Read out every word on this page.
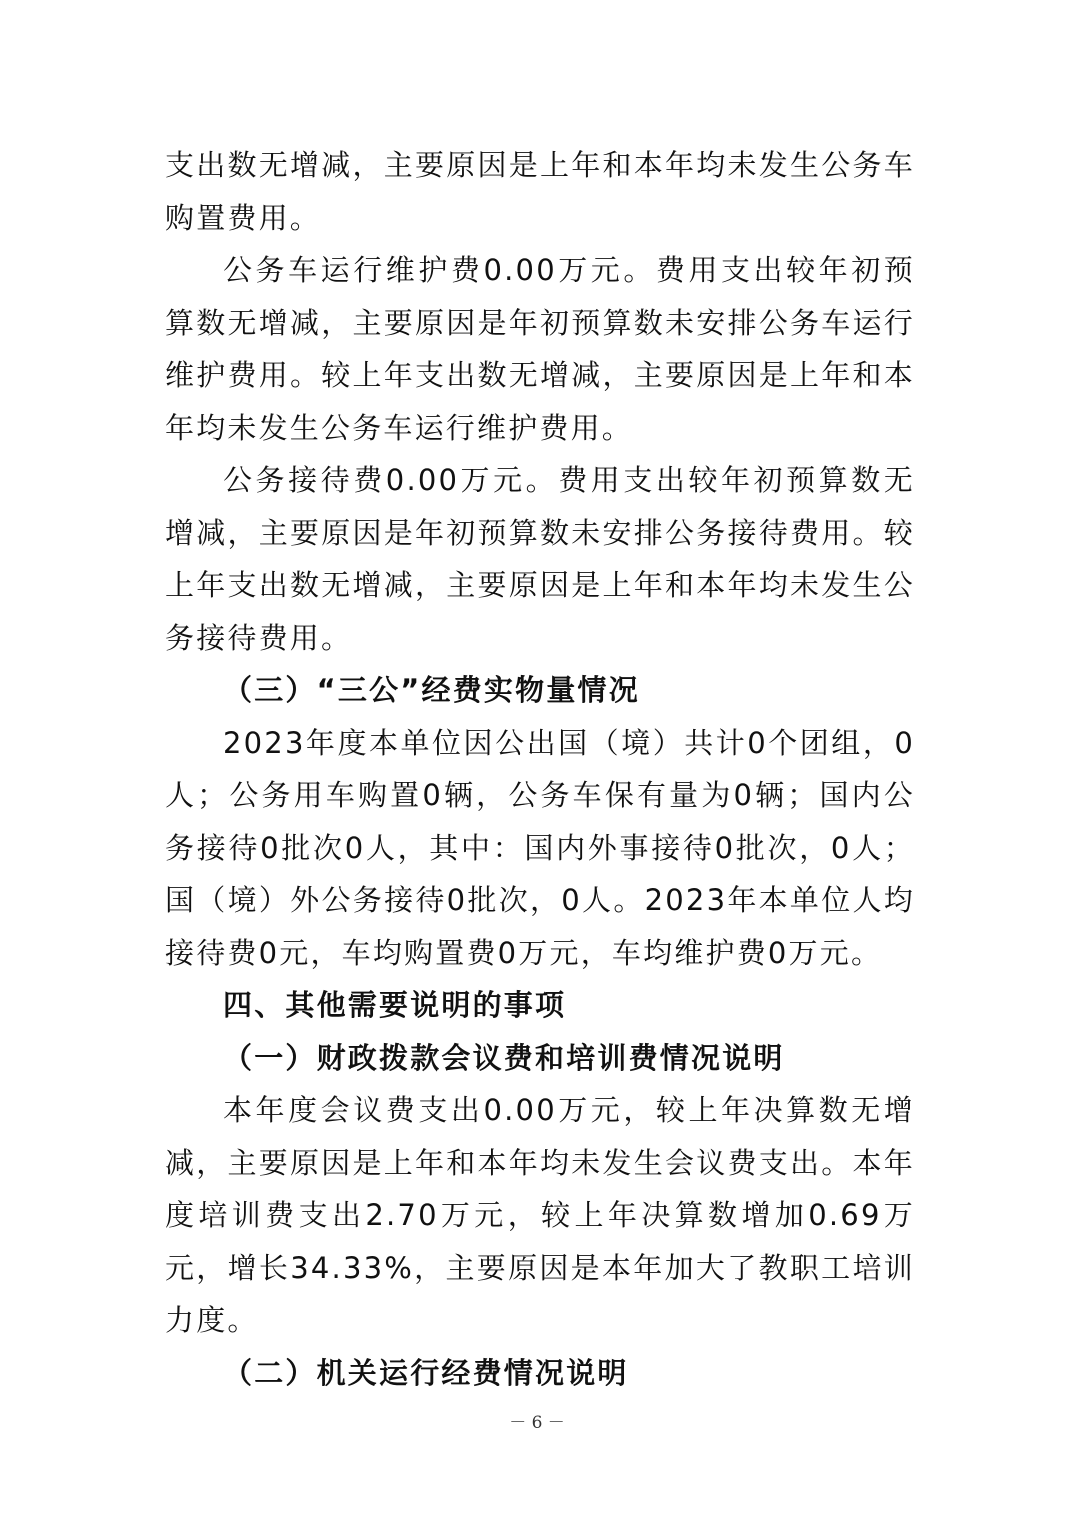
支出数无增减，主要原因是上年和本年均未发生公务车购置费用。

公务车运行维护费0.00万元。费用支出较年初预算数无增减，主要原因是年初预算数未安排公务车运行维护费用。较上年支出数无增减，主要原因是上年和本年均未发生公务车运行维护费用。

公务接待费0.00万元。费用支出较年初预算数无增减，主要原因是年初预算数未安排公务接待费用。较上年支出数无增减，主要原因是上年和本年均未发生公务接待费用。

（三）“三公”经费实物量情况

2023年度本单位因公出国（境）共计0个团组，0人；公务用车购置0辆，公务车保有量为0辆；国内公务接待0批次0人，其中：国内外事接待0批次，0人；国（境）外公务接待0批次，0人。2023年本单位人均接待费0元，车均购置费0万元，车均维护费0万元。

四、其他需要说明的事项

（一）财政拨款会议费和培训费情况说明

本年度会议费支出0.00万元，较上年决算数无增减，主要原因是上年和本年均未发生会议费支出。本年度培训费支出2.70万元，较上年决算数增加0.69万元，增长34.33%，主要原因是本年加大了教职工培训力度。

（二）机关运行经费情况说明

－ 6 －
